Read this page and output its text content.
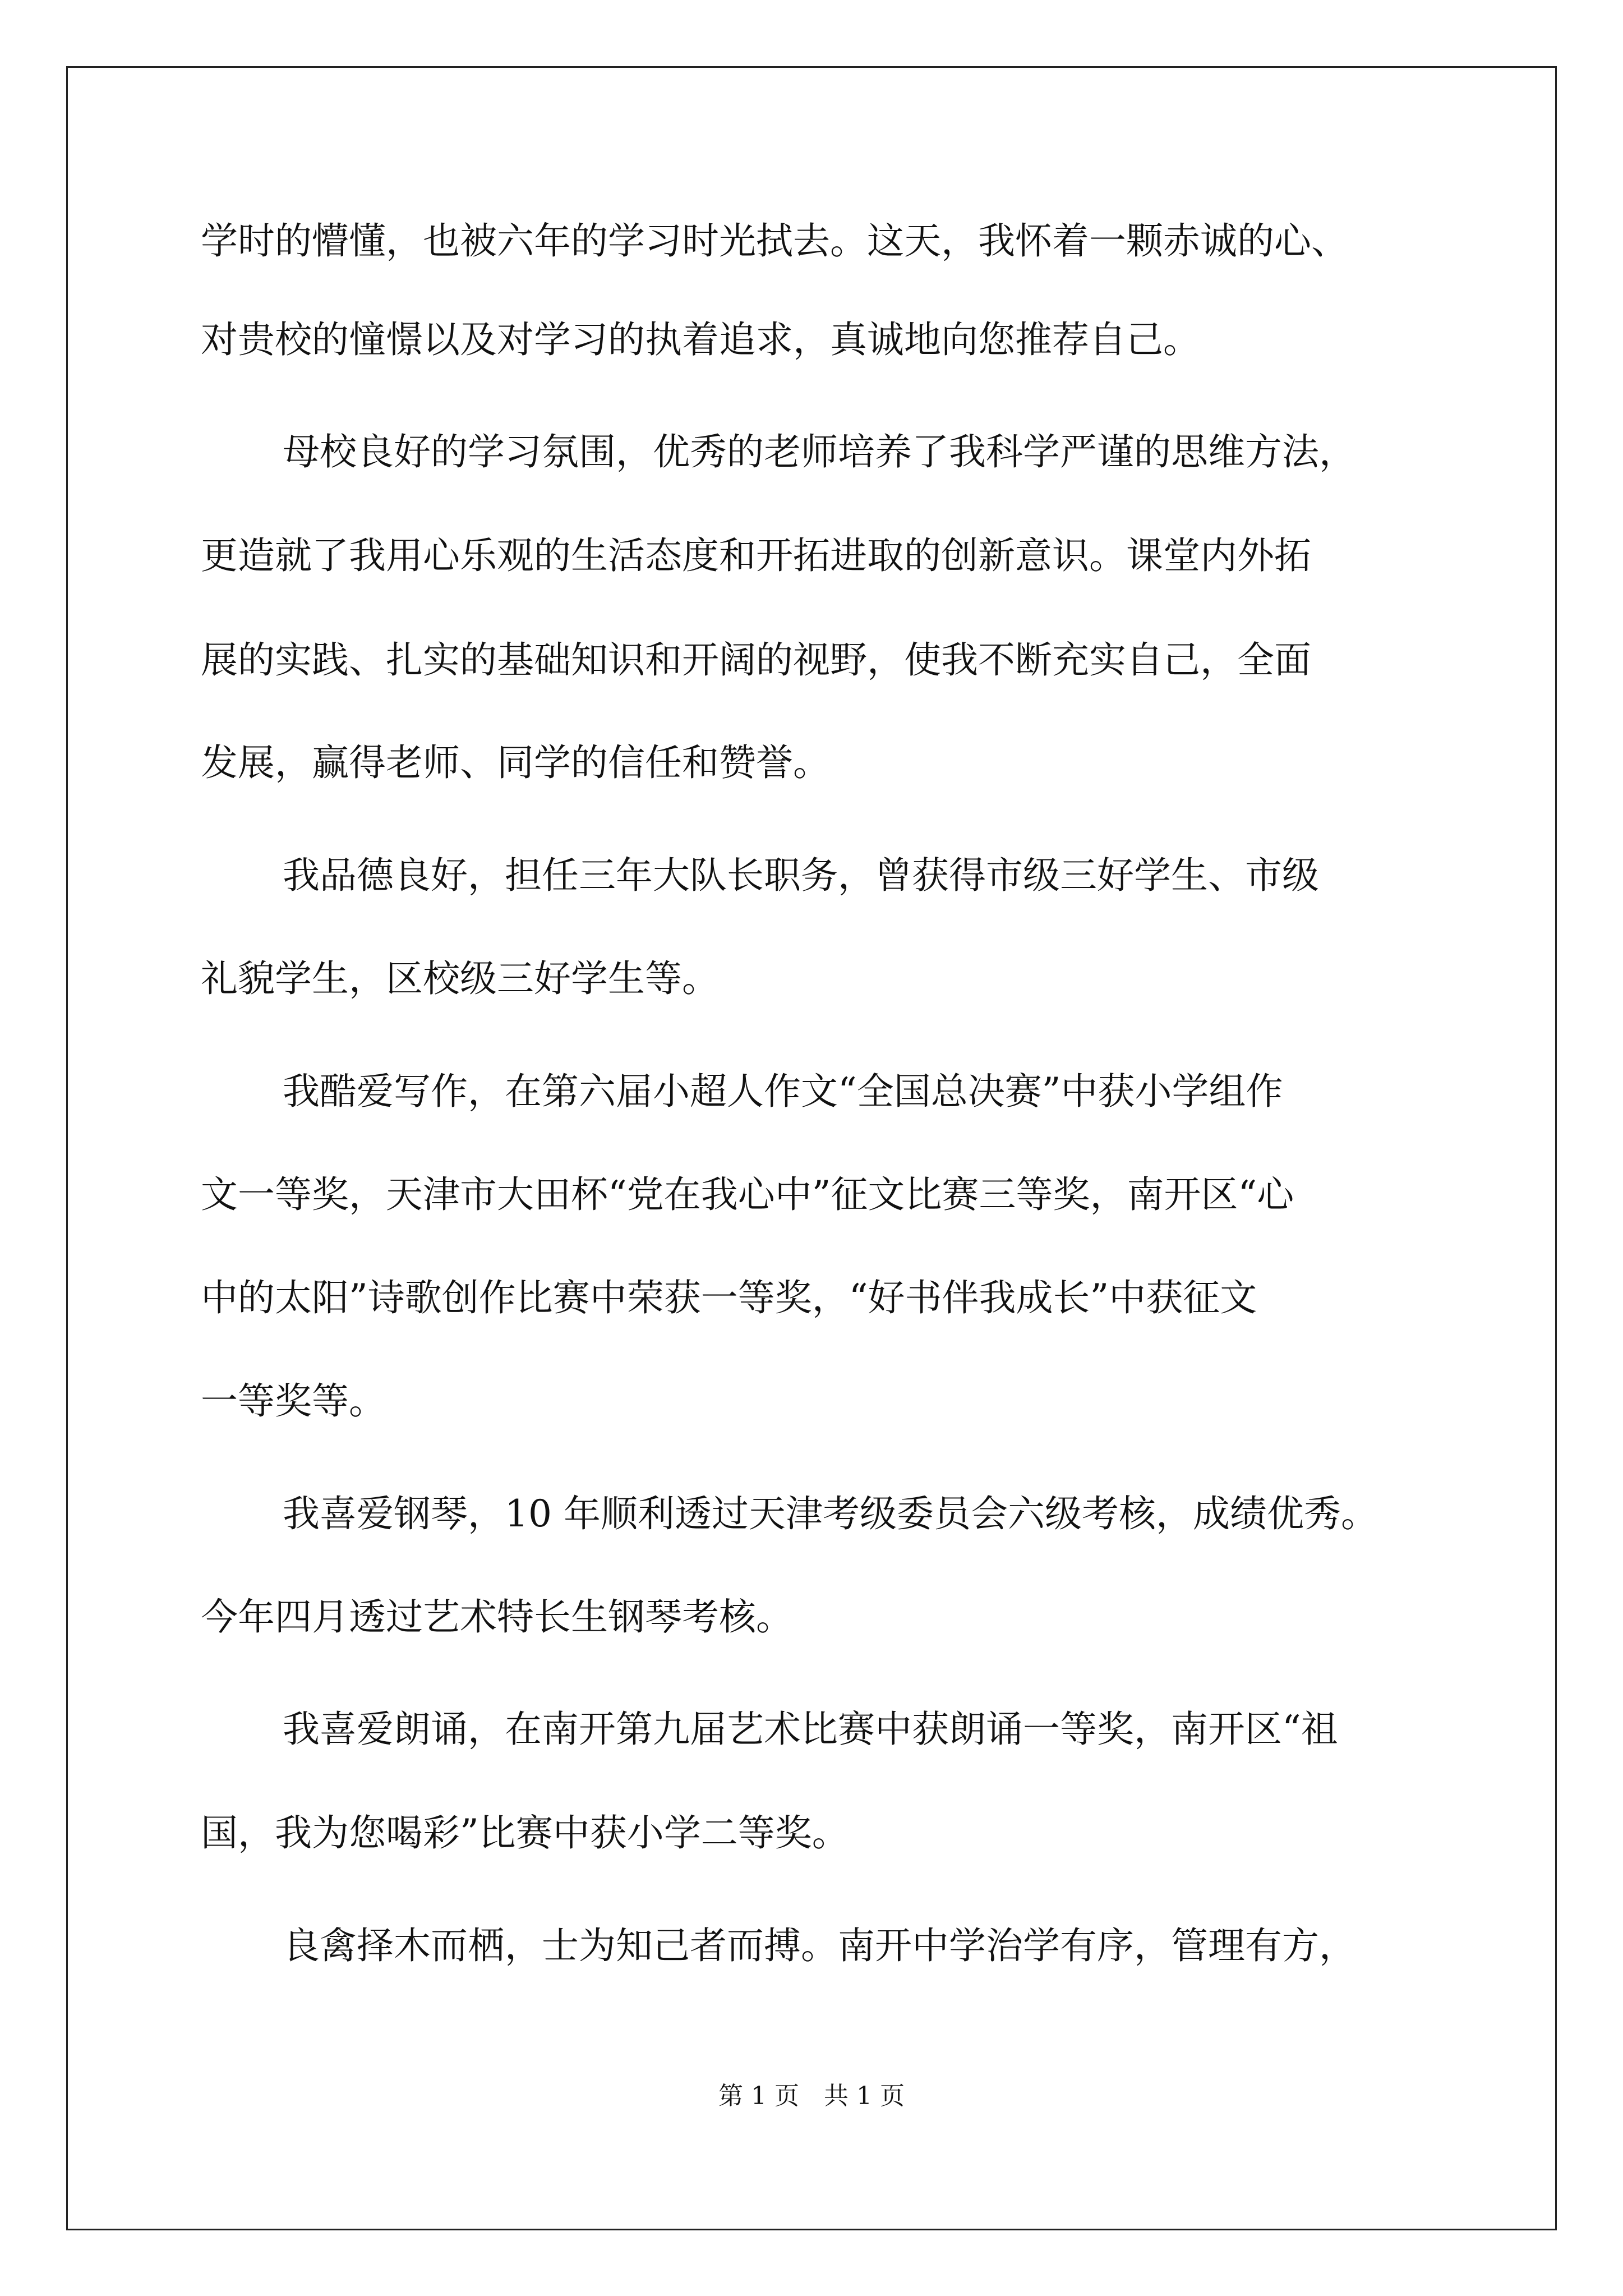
学时的懵懂，也被六年的学习时光拭去。这天，我怀着一颗赤诚的心、
对贵校的憧憬以及对学习的执着追求，真诚地向您推荐自己。
母校良好的学习氛围，优秀的老师培养了我科学严谨的思维方法，
更造就了我用心乐观的生活态度和开拓进取的创新意识。课堂内外拓
展的实践、扎实的基础知识和开阔的视野，使我不断充实自己，全面
发展，赢得老师、同学的信任和赞誉。
我品德良好，担任三年大队长职务，曾获得市级三好学生、市级
礼貌学生，区校级三好学生等。
我酷爱写作，在第六届小超人作文“全国总决赛”中获小学组作
文一等奖，天津市大田杯“党在我心中”征文比赛三等奖，南开区“心
中的太阳”诗歌创作比赛中荣获一等奖，“好书伴我成长”中获征文
一等奖等。
我喜爱钢琴，10 年顺利透过天津考级委员会六级考核，成绩优秀。
今年四月透过艺术特长生钢琴考核。
我喜爱朗诵，在南开第九届艺术比赛中获朗诵一等奖，南开区“祖
国，我为您喝彩”比赛中获小学二等奖。
良禽择木而栖，士为知己者而搏。南开中学治学有序，管理有方，
第 1 页　共 1 页
